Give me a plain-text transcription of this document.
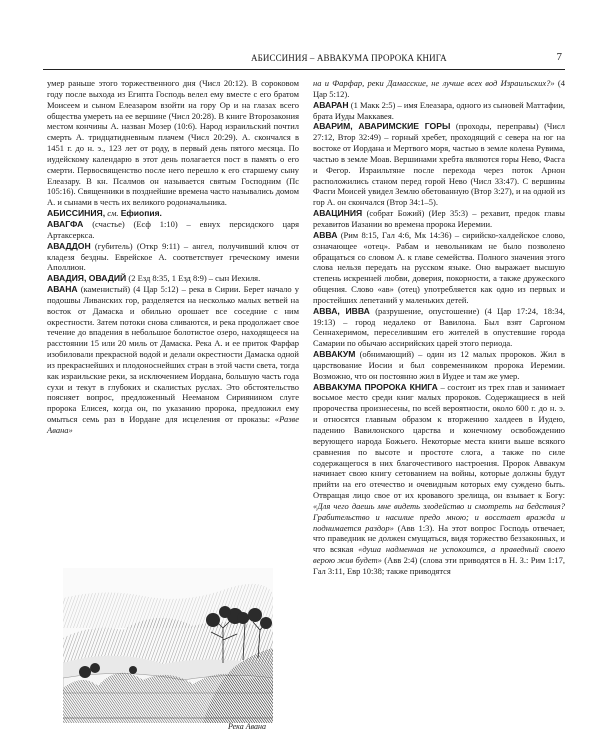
АБИССИНИЯ – АВВАКУМА ПРОРОКА КНИГА	7

умер раньше этого торжественного дня (Числ 20:12). В сороковом году после выхода из Египта Господь велел ему вместе с его братом Моисеем и сыном Елеазаром взойти на гору Ор и на глазах всего общества умереть на ее вершине (Числ 20:28). В книге Второзакония местом кончины А. назван Мозер (10:6). Народ израильский почтил смерть А. тридцатидневным плачем (Числ 20:29). А. скончался в 1451 г. до н. э., 123 лет от роду, в первый день пятого месяца. По иудейскому календарю в этот день полагается пост в память о его смерти. Первосвященство после него перешло к его старшему сыну Елеазару. В кн. Псалмов он называется святым Господним (Пс 105:16). Священники в позднейшие времена часто назывались домом А. и сынами в честь их великого родоначальника.

АБИССИНИЯ, см. Ефиопия.

АВАГФА (счастье) (Есф 1:10) – евнух персидского царя Артаксеркса.

АВАДДОН (губитель) (Откр 9:11) – ангел, получивший ключ от кладезя бездны. Еврейское А. соответствует греческому имени Аполлион.

АВАДИЯ, ОВАДИЙ (2 Езд 8:35, 1 Езд 8:9) – сын Иехиля.

АВАНА (каменистый) (4 Цар 5:12) – река в Сирии. Берет начало у подошвы Ливанских гор, разделяется на несколько малых ветвей на восток от Дамаска и обильно орошает все соседние с ним окрестности. Затем потоки снова сливаются, и река продолжает свое течение до впадения в небольшое болотистое озеро, находящееся на расстоянии 15 или 20 миль от Дамаска. Река А. и ее приток Фарфар изобиловали прекрасной водой и делали окрестности Дамаска одной из прекраснейших и плодоноснейших стран в этой части света, тогда как израильские реки, за исключением Иордана, большую часть года сухи и текут в глубоких и скалистых руслах. Это обстоятельство поясняет вопрос, предложенный Нееманом Сириянином слуге пророка Елисея, когда он, по указанию пророка, предложил ему омыться семь раз в Иордане для исцеления от проказы: «Разве Авана»

Река Авана

на и Фарфар, реки Дамасские, не лучше всех вод Израильских?» (4 Цар 5:12).

АВАРАН (1 Макк 2:5) – имя Елеазара, одного из сыновей Маттафии, брата Иуды Маккавея.

АВАРИМ, АВАРИМСКИЕ ГОРЫ (проходы, переправы) (Числ 27:12, Втор 32:49) – горный хребет, проходящий с севера на юг на востоке от Иордана и Мертвого моря, частью в земле колена Рувима, частью в земле Моав. Вершинами хребта являются горы Нево, Фасга и Фегор. Израильтяне после перехода через поток Арнон расположились станом перед горой Нево (Числ 33:47). С вершины Фасги Моисей увидел Землю обетованную (Втор 3:27), и на одной из гор А. он скончался (Втор 34:1–5).

АВАЦИНИЯ (собрат Божий) (Иер 35:3) – рехавит, предок главы рехавитов Иазании во времена пророка Иеремии.

АВВА (Рим 8:15, Гал 4:6, Мк 14:36) – сирийско-халдейское слово, означающее «отец». Рабам и невольникам не было позволено обращаться со словом А. к главе семейства. Полного значения этого слова нельзя передать на русском языке. Оно выражает высшую степень искренней любви, доверия, покорности, а также дружеского общения. Слово «ав» (отец) употребляется как одно из первых и простейших лепетаний у маленьких детей.

АВВА, ИВВА (разрушение, опустошение) (4 Цар 17:24, 18:34, 19:13) – город недалеко от Вавилона. Был взят Саргоном Сеннахеримом, переселившим его жителей в опустевшие города Самарии по обычаю ассирийских царей этого периода.

АВВАКУМ (обнимающий) – один из 12 малых пророков. Жил в царствование Иосии и был современником пророка Иеремии. Возможно, что он постоянно жил в Иудее и там же умер.

АВВАКУМА ПРОРОКА КНИГА – состоит из трех глав и занимает восьмое место среди книг малых пророков. Содержащиеся в ней пророчества произнесены, по всей вероятности, около 600 г. до н. э. и относятся главным образом к вторжению халдеев в Иудею, падению Вавилонского царства и конечному освобождению верующего народа Божьего. Некоторые места книги выше всякого сравнения по высоте и простоте слога, а также по силе содержащегося в них благочестивого настроения. Пророк Аввакум начинает свою книгу сетованием на войны, которые должны будут прийти на его отечество и очевидным которых ему суждено быть. Отвращая лицо свое от их кровавого зрелища, он взывает к Богу: «Для чего даешь мне видеть злодейство и смотреть на бедствия? Грабительство и насилие предо мною; и восстает вражда и поднимается раздор» (Авв 1:3). На этот вопрос Господь отвечает, что праведник не должен смущаться, видя торжество беззаконных, и что всякая «душа надменная не успокоится, а праведный своею верою жив будет» (Авв 2:4) (слова эти приводятся в Н. З.: Рим 1:17, Гал 3:11, Евр 10:38; также приводятся
